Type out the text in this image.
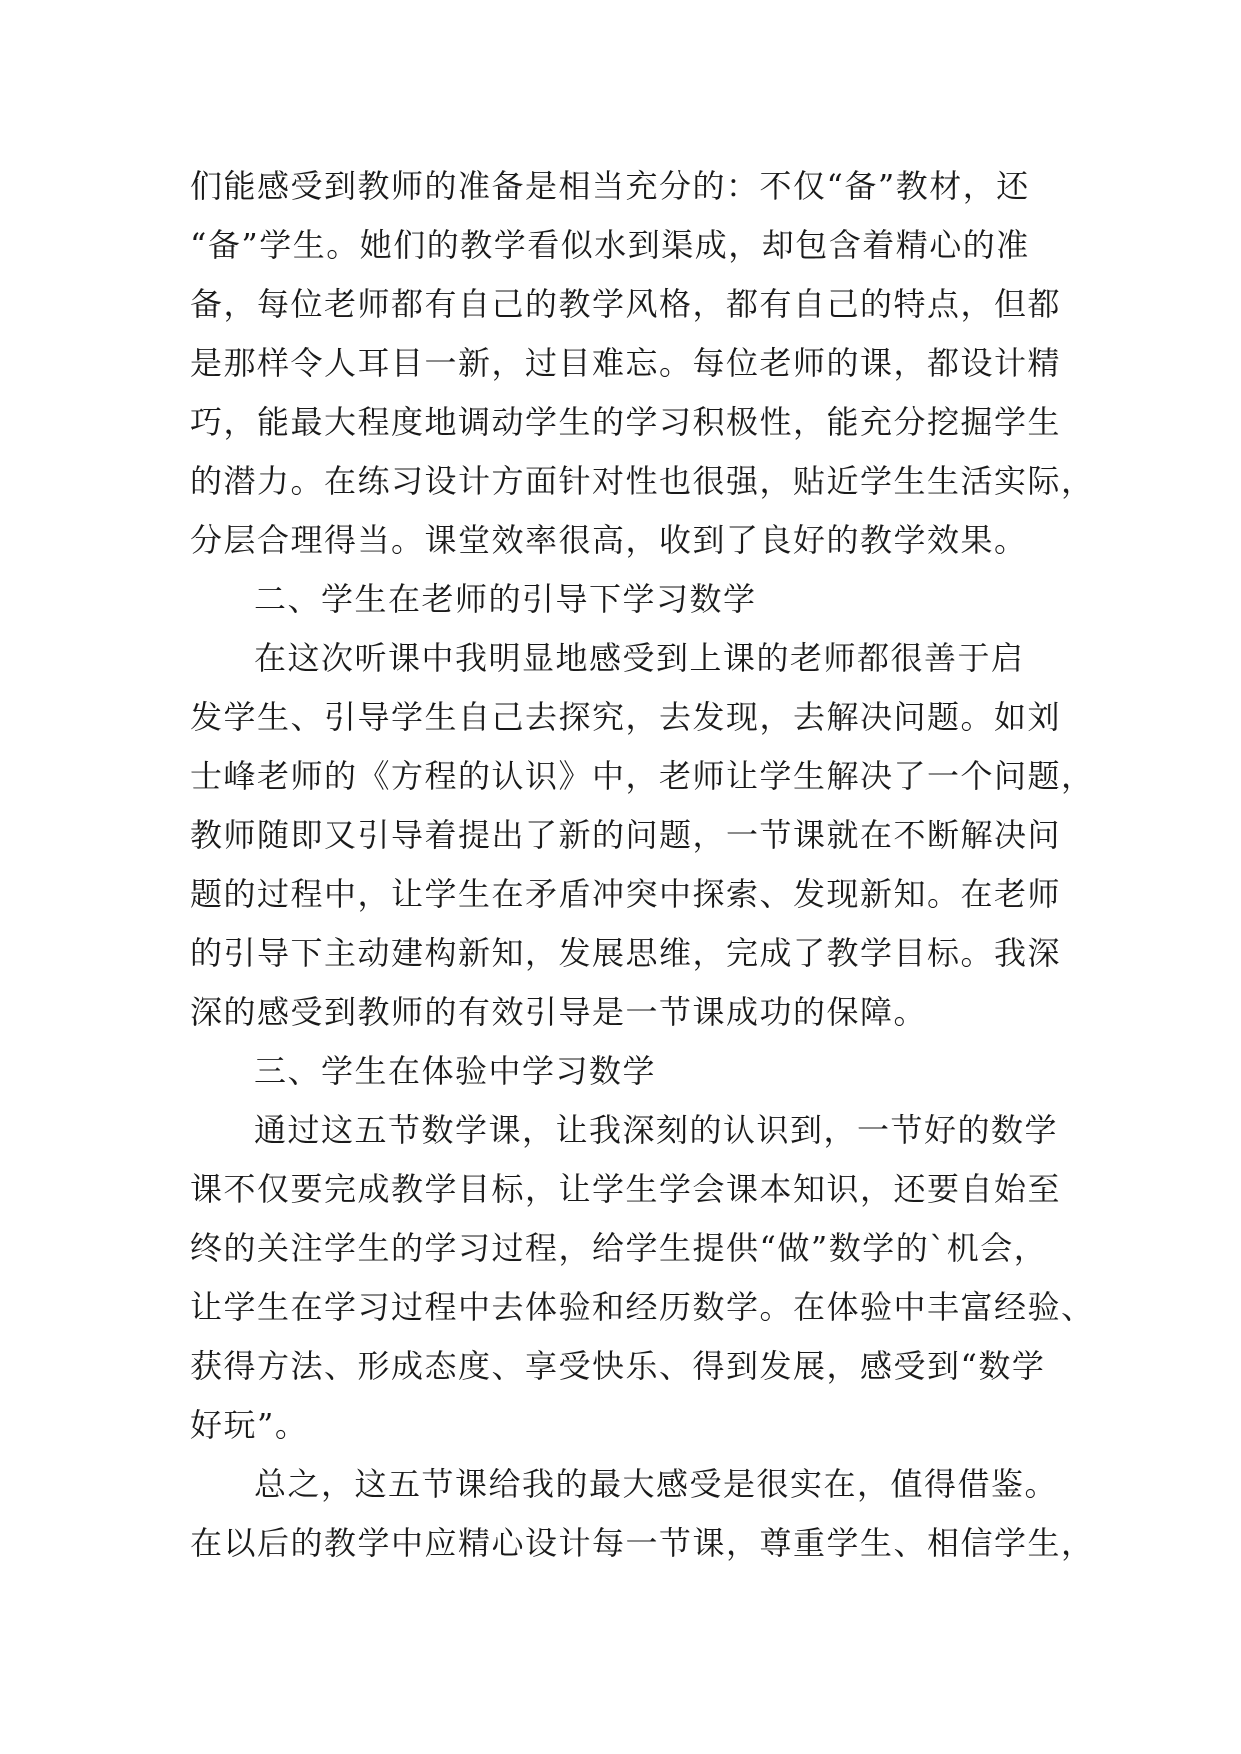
们能感受到教师的准备是相当充分的：不仅“备”教材，还
“备”学生。她们的教学看似水到渠成，却包含着精心的准
备，每位老师都有自己的教学风格，都有自己的特点，但都
是那样令人耳目一新，过目难忘。每位老师的课，都设计精
巧，能最大程度地调动学生的学习积极性，能充分挖掘学生
的潜力。在练习设计方面针对性也很强，贴近学生生活实际，
分层合理得当。课堂效率很高，收到了良好的教学效果。
二、学生在老师的引导下学习数学
在这次听课中我明显地感受到上课的老师都很善于启
发学生、引导学生自己去探究，去发现，去解决问题。如刘
士峰老师的《方程的认识》中，老师让学生解决了一个问题，
教师随即又引导着提出了新的问题，一节课就在不断解决问
题的过程中，让学生在矛盾冲突中探索、发现新知。在老师
的引导下主动建构新知，发展思维，完成了教学目标。我深
深的感受到教师的有效引导是一节课成功的保障。
三、学生在体验中学习数学
通过这五节数学课，让我深刻的认识到，一节好的数学
课不仅要完成教学目标，让学生学会课本知识，还要自始至
终的关注学生的学习过程，给学生提供“做”数学的`机会，
让学生在学习过程中去体验和经历数学。在体验中丰富经验、
获得方法、形成态度、享受快乐、得到发展，感受到“数学
好玩”。
总之，这五节课给我的最大感受是很实在，值得借鉴。
在以后的教学中应精心设计每一节课，尊重学生、相信学生，
